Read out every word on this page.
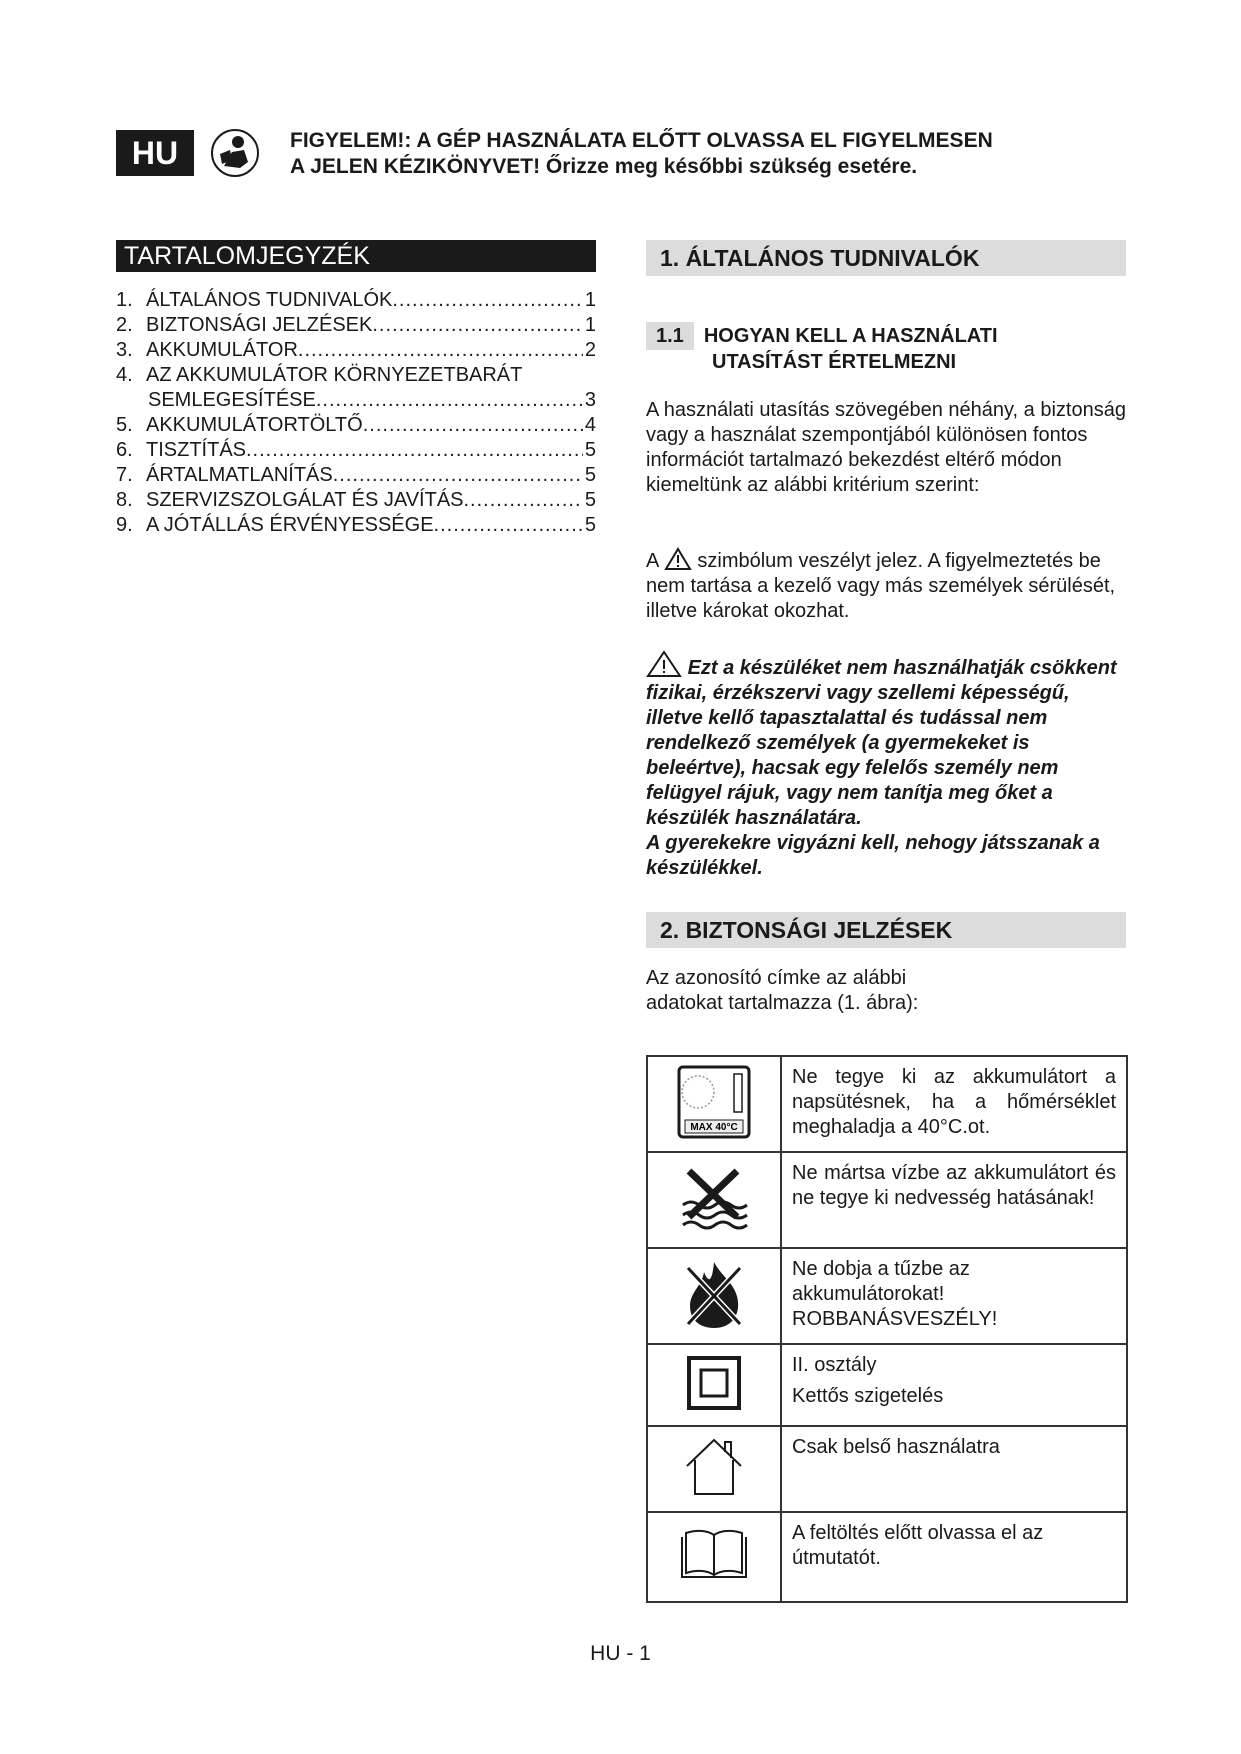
HU	FIGYELEM!: A GÉP HASZNÁLATA ELŐTT OLVASSA EL FIGYELMESEN
A JELEN KÉZIKÖNYVET! Őrizze meg későbbi szükség esetére.
TARTALOMJEGYZÉK
1. ÁLTALÁNOS TUDNIVALÓK .....	1
2. BIZTONSÁGI JELZÉSEK .....	1
3. AKKUMULÁTOR .....	2
4. AZ AKKUMULÁTOR KÖRNYEZETBARÁT
SEMLEGESÍTÉSE .....	3
5. AKKUMULÁTORTÖLTŐ .....	4
6. TISZTÍTÁS .....	5
7. ÁRTALMATLANÍTÁS .....	5
8. SZERVIZSZOLGÁLAT ÉS JAVÍTÁS .....	5
9. A JÓTÁLLÁS ÉRVÉNYESSÉGE .....	5
1. ÁLTALÁNOS TUDNIVALÓK
1.1 HOGYAN KELL A HASZNÁLATI
UTASÍTÁST ÉRTELMEZNI
A használati utasítás szövegében néhány, a biztonság vagy a használat szempontjából különösen fontos információt tartalmazó bekezdést eltérő módon kiemeltünk az alábbi kritérium szerint:
A szimbólum veszélyt jelez. A figyelmeztetés be nem tartása a kezelő vagy más személyek sérülését, illetve károkat okozhat.
Ezt a készüléket nem használhatják csökkent fizikai, érzékszervi vagy szellemi képességű, illetve kellő tapasztalattal és tudással nem rendelkező személyek (a gyermekeket is beleértve), hacsak egy felelős személy nem felügyel rájuk, vagy nem tanítja meg őket a készülék használatára.
A gyerekekre vigyázni kell, nehogy játsszanak a készülékkel.
2. BIZTONSÁGI JELZÉSEK
Az azonosító címke az alábbi adatokat tartalmazza (1. ábra):
MAX 40°C	Ne tegye ki az akkumulátort a napsütésnek, ha a hőmérséklet meghaladja a 40°C.ot.
	Ne mártsa vízbe az akkumulátort és ne tegye ki nedvesség hatásának!
	Ne dobja a tűzbe az akkumulátorokat! ROBBANÁSVESZÉLY!

II. osztály
Kettős szigetelés

	Csak belső használatra
	A feltöltés előtt olvassa el az útmutatót.
HU - 1
